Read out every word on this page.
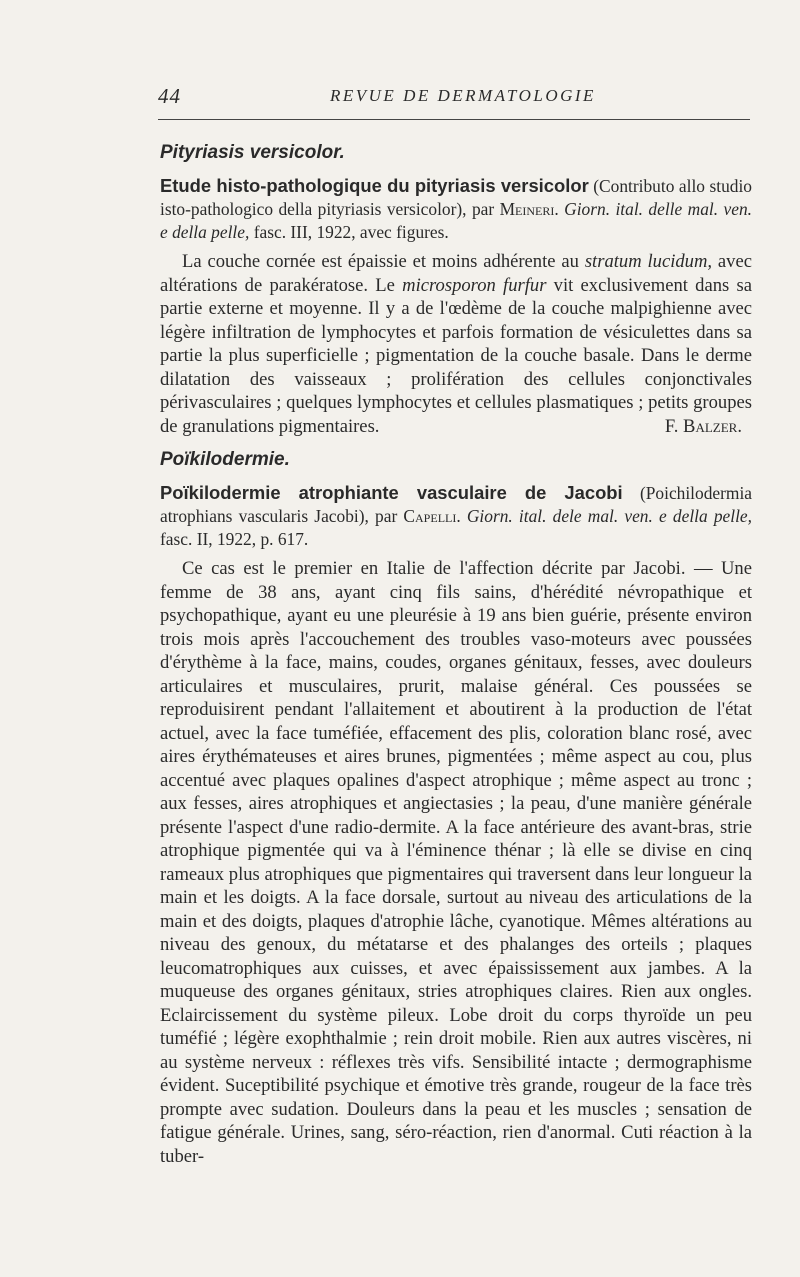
44	REVUE DE DERMATOLOGIE
Pityriasis versicolor.
Etude histo-pathologique du pityriasis versicolor (Contributo allo studio isto-pathologico della pityriasis versicolor), par Meineri. Giorn. ital. delle mal. ven. e della pelle, fasc. III, 1922, avec figures.

La couche cornée est épaissie et moins adhérente au stratum lucidum, avec altérations de parakératose. Le microsporon furfur vit exclusivement dans sa partie externe et moyenne. Il y a de l'œdème de la couche malpighienne avec légère infiltration de lymphocytes et parfois formation de vésiculettes dans sa partie la plus superficielle ; pigmentation de la couche basale. Dans le derme dilatation des vaisseaux ; prolifération des cellules conjonctivales périvasculaires ; quelques lymphocytes et cellules plasmatiques ; petits groupes de granulations pigmentaires.	F. Balzer.

Poïkilodermie.
Poïkilodermie atrophiante vasculaire de Jacobi (Poichilodermia atrophians vascularis Jacobi), par Capelli. Giorn. ital. dele mal. ven. e della pelle, fasc. II, 1922, p. 617.

Ce cas est le premier en Italie de l'affection décrite par Jacobi. — Une femme de 38 ans, ayant cinq fils sains, d'hérédité névropathique et psychopathique, ayant eu une pleurésie à 19 ans bien guérie, présente environ trois mois après l'accouchement des troubles vaso-moteurs avec poussées d'érythème à la face, mains, coudes, organes génitaux, fesses, avec douleurs articulaires et musculaires, prurit, malaise général. Ces poussées se reproduisirent pendant l'allaitement et aboutirent à la production de l'état actuel, avec la face tuméfiée, effacement des plis, coloration blanc rosé, avec aires érythémateuses et aires brunes, pigmentées ; même aspect au cou, plus accentué avec plaques opalines d'aspect atrophique ; même aspect au tronc ; aux fesses, aires atrophiques et angiectasies ; la peau, d'une manière générale présente l'aspect d'une radio-dermite. A la face antérieure des avant-bras, strie atrophique pigmentée qui va à l'éminence thénar ; là elle se divise en cinq rameaux plus atrophiques que pigmentaires qui traversent dans leur longueur la main et les doigts. A la face dorsale, surtout au niveau des articulations de la main et des doigts, plaques d'atrophie lâche, cyanotique. Mêmes altérations au niveau des genoux, du métatarse et des phalanges des orteils ; plaques leucomatrophiques aux cuisses, et avec épaississement aux jambes. A la muqueuse des organes génitaux, stries atrophiques claires. Rien aux ongles. Eclaircissement du système pileux. Lobe droit du corps thyroïde un peu tuméfié ; légère exophthalmie ; rein droit mobile. Rien aux autres viscères, ni au système nerveux : réflexes très vifs. Sensibilité intacte ; dermographisme évident. Suceptibilité psychique et émotive très grande, rougeur de la face très prompte avec sudation. Douleurs dans la peau et les muscles ; sensation de fatigue générale. Urines, sang, séro-réaction, rien d'anormal. Cuti réaction à la tuber-
